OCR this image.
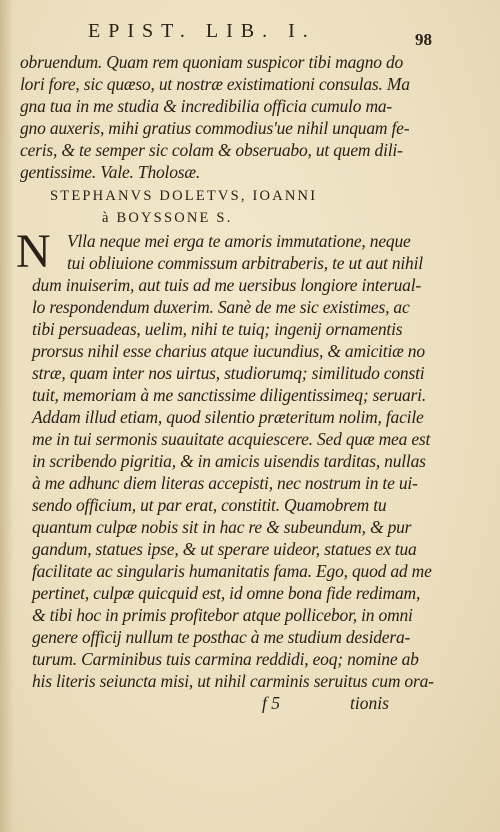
EPIST. LIB. I.	98
obruendum. Quam rem quoniam suspicor tibi magno do
lori fore, sic quæso, ut nostræ existimationi consulas. Ma
gna tua in me studia & incredibilia officia cumulo ma-
gno auxeris, mihi gratius commodius'ue nihil unquam fe-
ceris, & te semper sic colam & obseruabo, ut quem dili-
gentissime. Vale. Tholosæ.
STEPHANVS DOLETVS, IOANNI
à BOYSSONE S.
N Vlla neque mei erga te amoris immutatione, neque
tui obliuione commissum arbitraberis, te ut aut nihil
dum inuiserim, aut tuis ad me uersibus longiore interual-
lo respondendum duxerim. Sanè de me sic existimes, ac
tibi persuadeas, uelim, nihi te tuiq; ingenij ornamentis
prorsus nihil esse charius atque iucundius, & amicitiæ no
stræ, quam inter nos uirtus, studiorumq; similitudo consti
tuit, memoriam à me sanctissime diligentissimeq; seruari.
Addam illud etiam, quod silentio præteritum nolim, facile
me in tui sermonis suauitate acquiescere. Sed quæ mea est
in scribendo pigritia, & in amicis uisendis tarditas, nullas
à me adhunc diem literas accepisti, nec nostrum in te ui-
sendo officium, ut par erat, constitit. Quamobrem tu
quantum culpæ nobis sit in hac re & subeundum, & pur
gandum, statues ipse, & ut sperare uideor, statues ex tua
facilitate ac singularis humanitatis fama. Ego, quod ad me
pertinet, culpæ quicquid est, id omne bona fide redimam,
& tibi hoc in primis profitebor atque pollicebor, in omni
genere officij nullum te posthac à me studium desidera-
turum. Carminibus tuis carmina reddidi, eoq; nomine ab
his literis seiuncta misi, ut nihil carminis seruitus cum ora-
f 5	tionis
